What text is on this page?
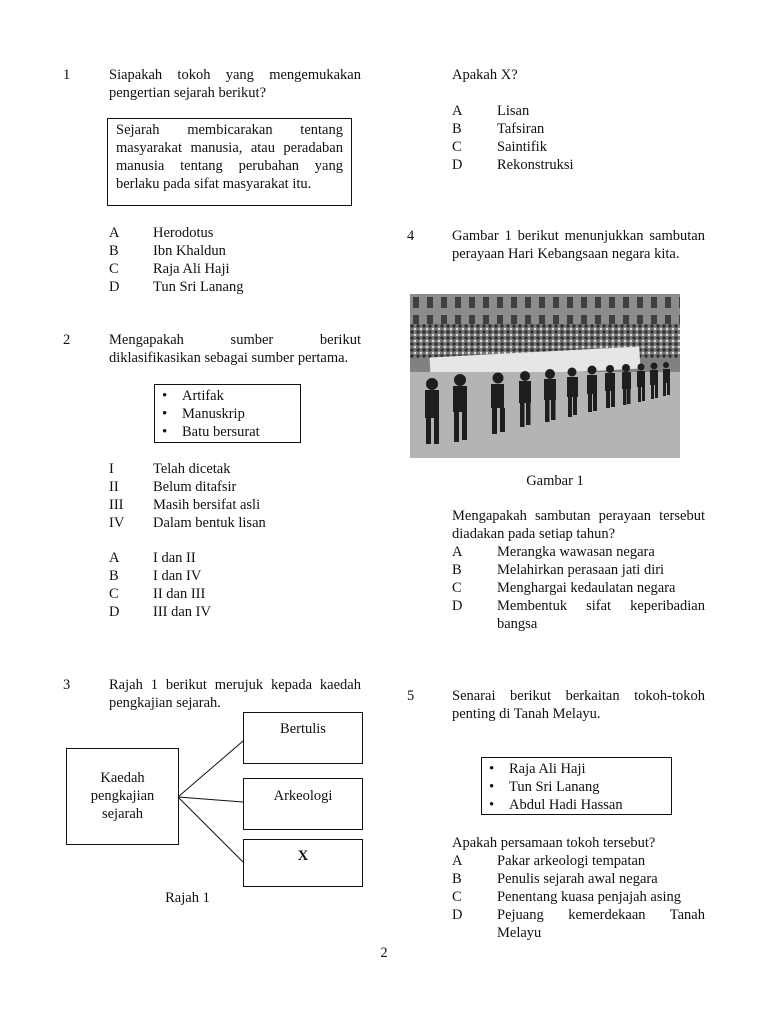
1	Siapakah tokoh yang mengemukakan pengertian sejarah berikut?
Sejarah membicarakan tentang masyarakat manusia, atau peradaban manusia tentang perubahan yang berlaku pada sifat masyarakat itu.
A Herodotus
B Ibn Khaldun
C Raja Ali Haji
D Tun Sri Lanang
2	Mengapakah sumber berikut diklasifikasikan sebagai sumber pertama.
• Artifak
• Manuskrip
• Batu bersurat
I	Telah dicetak
II Belum ditafsir
III Masih bersifat asli
IV Dalam bentuk lisan
A I dan II
B I dan IV
C II dan III
D III dan IV
3	Rajah 1 berikut merujuk kepada kaedah pengkajian sejarah.
Kaedah
pengkajian
sejarah
Bertulis
Arkeologi
X
Rajah 1
Apakah X?
A Lisan
B Tafsiran
C Saintifik
D Rekonstruksi
4	Gambar 1 berikut menunjukkan sambutan perayaan Hari Kebangsaan negara kita.
Gambar 1
Mengapakah sambutan perayaan tersebut diadakan pada setiap tahun?
A Merangka wawasan negara
B Melahirkan perasaan jati diri
C Menghargai kedaulatan negara
D Membentuk sifat keperibadian bangsa
5	Senarai berikut berkaitan tokoh-tokoh penting di Tanah Melayu.
• Raja Ali Haji
• Tun Sri Lanang
• Abdul Hadi Hassan
Apakah persamaan tokoh tersebut?
A Pakar arkeologi tempatan
B Penulis sejarah awal negara
C Penentang kuasa penjajah asing
D Pejuang kemerdekaan Tanah Melayu
2
